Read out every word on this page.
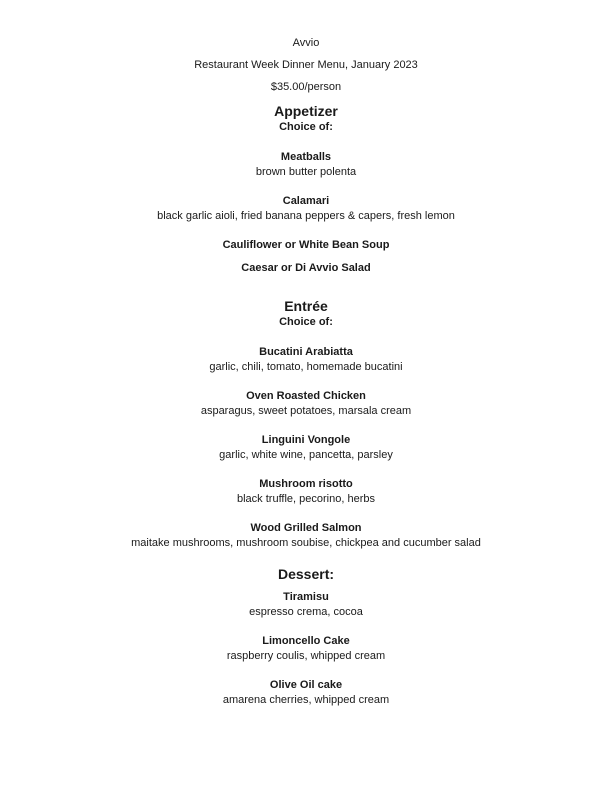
Avvio
Restaurant Week Dinner Menu, January 2023
$35.00/person
Appetizer
Choice of:
Meatballs
brown butter polenta
Calamari
black garlic aioli, fried banana peppers & capers, fresh lemon
Cauliflower or White Bean Soup
Caesar or Di Avvio Salad
Entrée
Choice of:
Bucatini Arabiatta
garlic, chili, tomato, homemade bucatini
Oven Roasted Chicken
asparagus, sweet potatoes, marsala cream
Linguini Vongole
garlic, white wine, pancetta, parsley
Mushroom risotto
black truffle, pecorino, herbs
Wood Grilled Salmon
maitake mushrooms, mushroom soubise, chickpea and cucumber salad
Dessert:
Tiramisu
espresso crema, cocoa
Limoncello Cake
raspberry coulis, whipped cream
Olive Oil cake
amarena cherries, whipped cream
